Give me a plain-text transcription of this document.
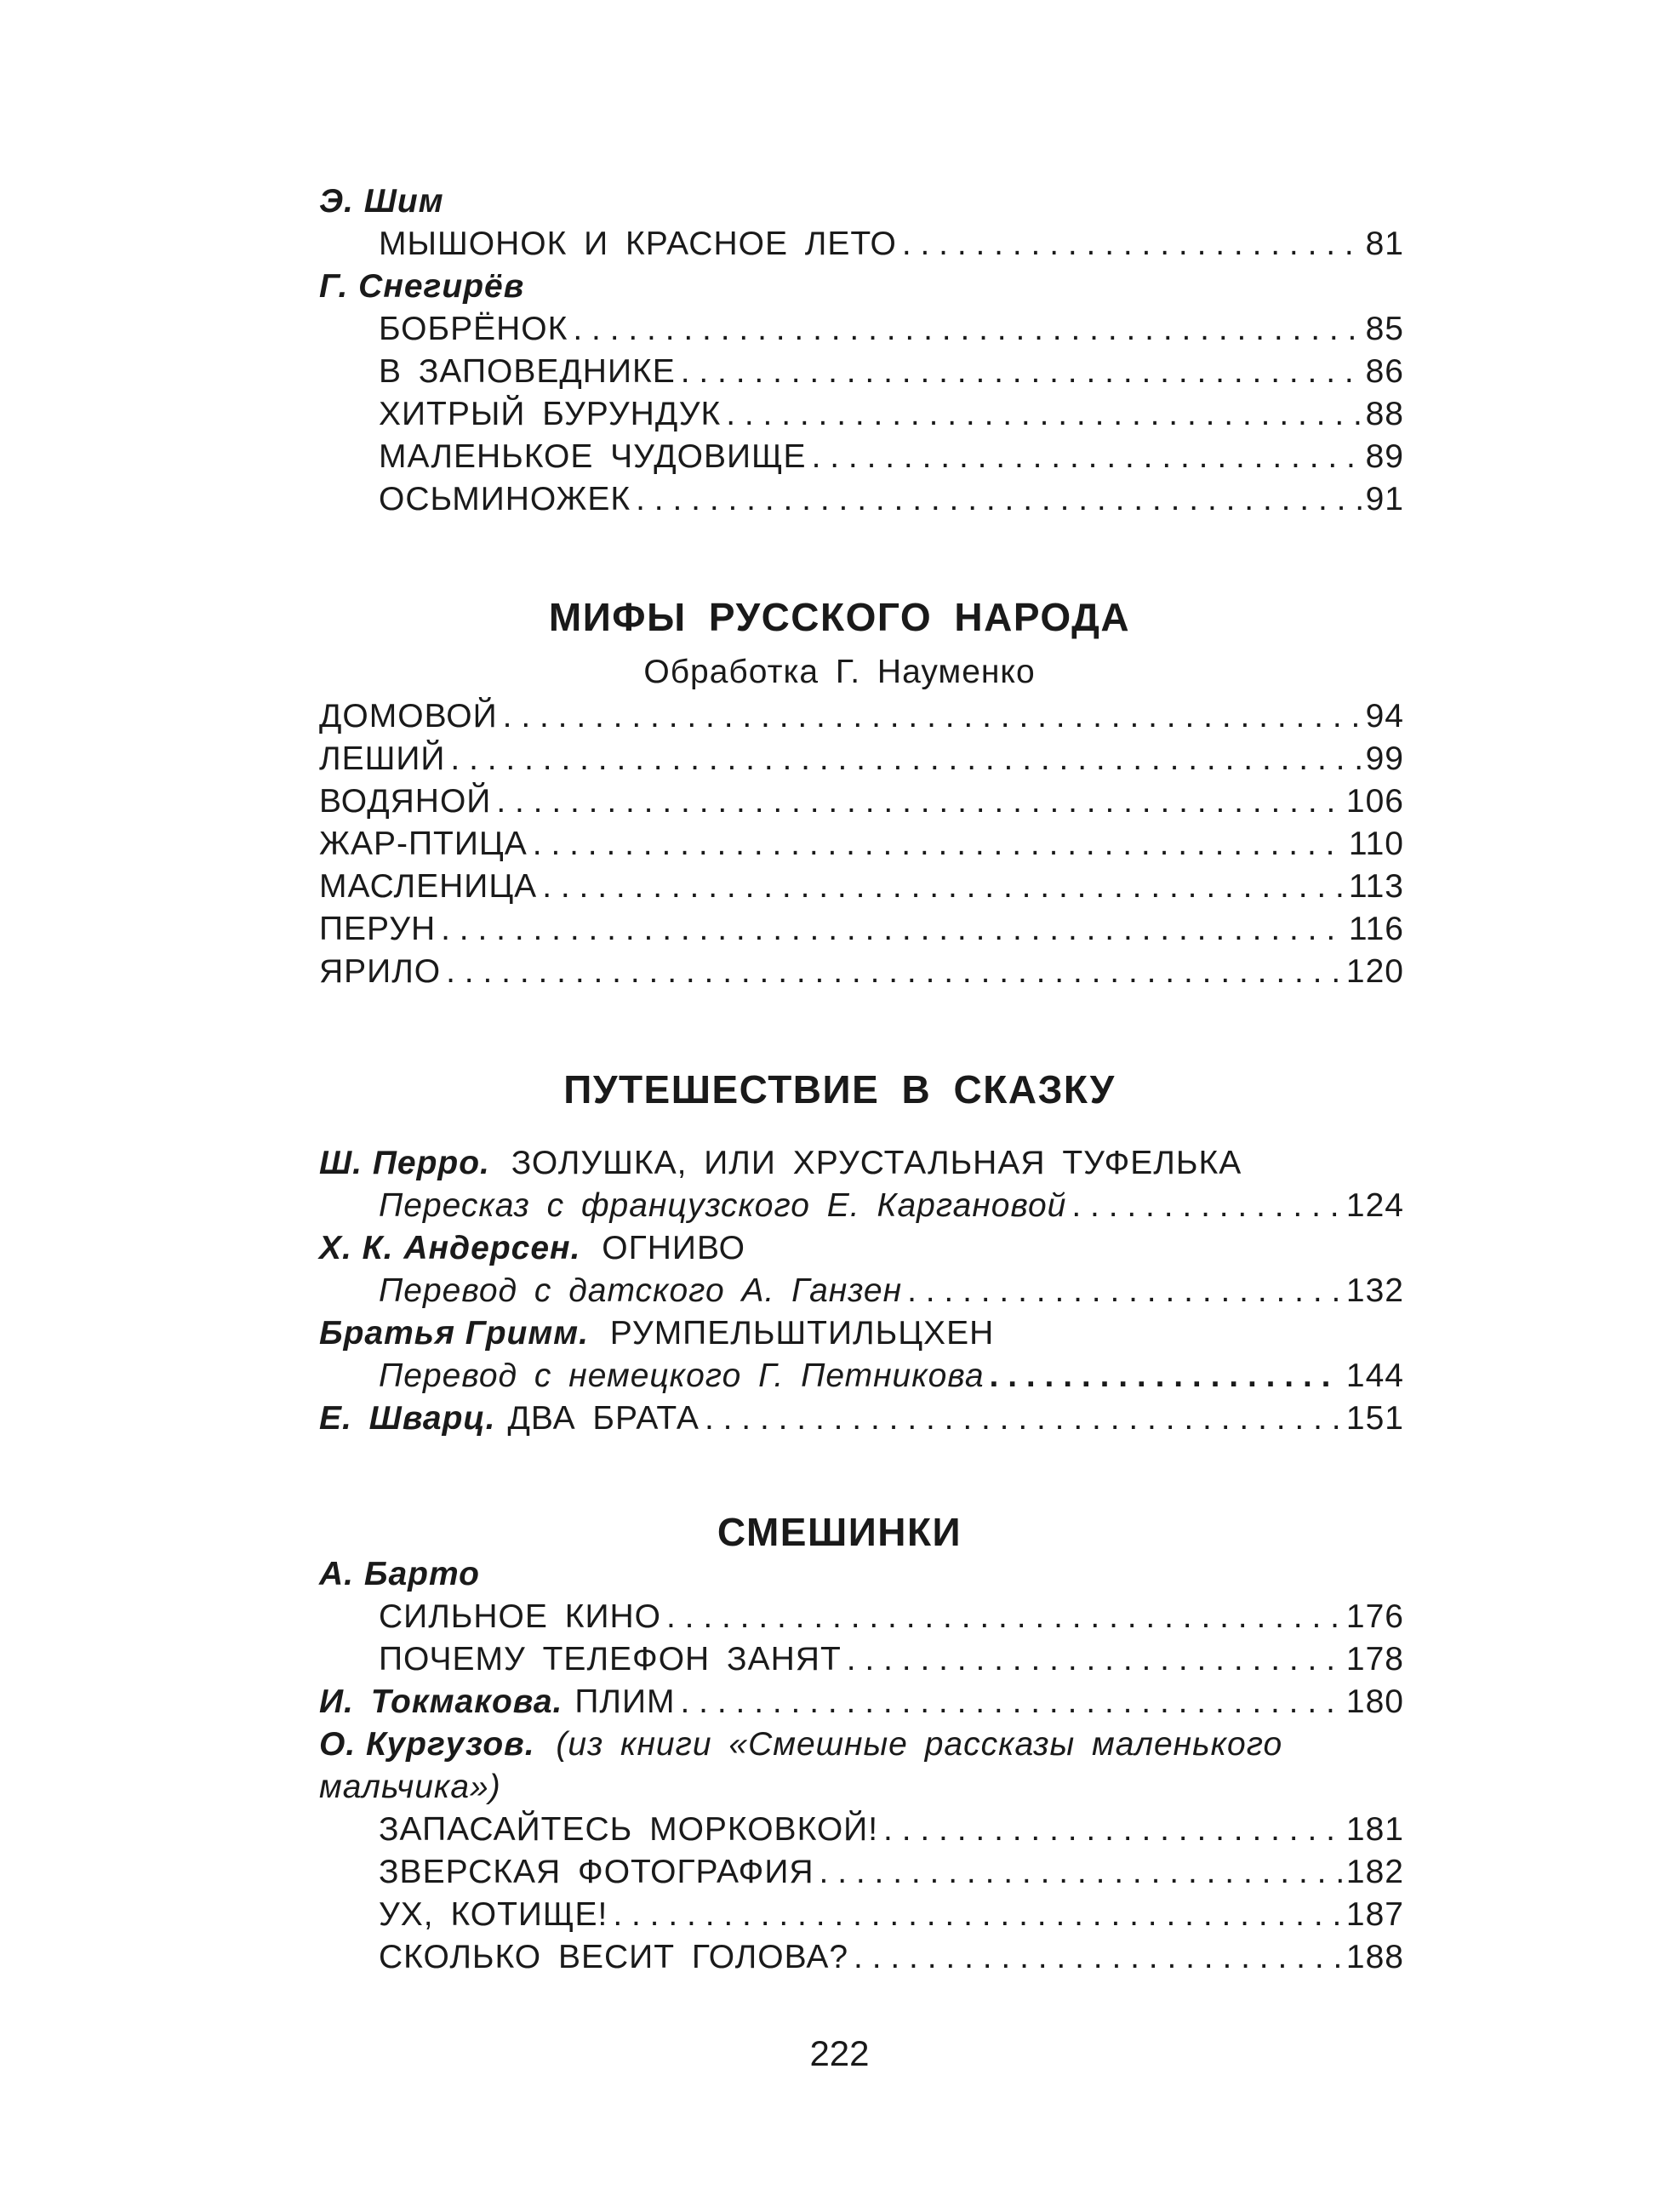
Э. Шим
МЫШОНОК И КРАСНОЕ ЛЕТО . . .	81
Г. Снегирёв
БОБРЁНОК . . .	85
В ЗАПОВЕДНИКЕ . . .	86
ХИТРЫЙ БУРУНДУК . . .	88
МАЛЕНЬКОЕ ЧУДОВИЩЕ . . .	89
ОСЬМИНОЖЕК . . .	91
МИФЫ РУССКОГО НАРОДА
Обработка Г. Науменко
ДОМОВОЙ . . .	94
ЛЕШИЙ . . .	99
ВОДЯНОЙ . . .	106
ЖАР-ПТИЦА . . .	110
МАСЛЕНИЦА . . .	113
ПЕРУН . . .	116
ЯРИЛО . . .	120
ПУТЕШЕСТВИЕ В СКАЗКУ
Ш. Перро. ЗОЛУШКА, ИЛИ ХРУСТАЛЬНАЯ ТУФЕЛЬКА
Пересказ с французского Е. Каргановой . . .	124
Х. К. Андерсен. ОГНИВО
Перевод с датского А. Ганзен . . .	132
Братья Гримм. РУМПЕЛЬШТИЛЬЦХЕН
Перевод с немецкого Г. Петникова . . .	144
Е. Шварц. ДВА БРАТА . . .	151
СМЕШИНКИ
А. Барто
СИЛЬНОЕ КИНО . . .	176
ПОЧЕМУ ТЕЛЕФОН ЗАНЯТ . . .	178
И. Токмакова. ПЛИМ . . .	180
О. Кургузов. (из книги «Смешные рассказы маленького
мальчика»)
ЗАПАСАЙТЕСЬ МОРКОВКОЙ! . . .	181
ЗВЕРСКАЯ ФОТОГРАФИЯ . . .	182
УХ, КОТИЩЕ! . . .	187
СКОЛЬКО ВЕСИТ ГОЛОВА? . . .	188
222
